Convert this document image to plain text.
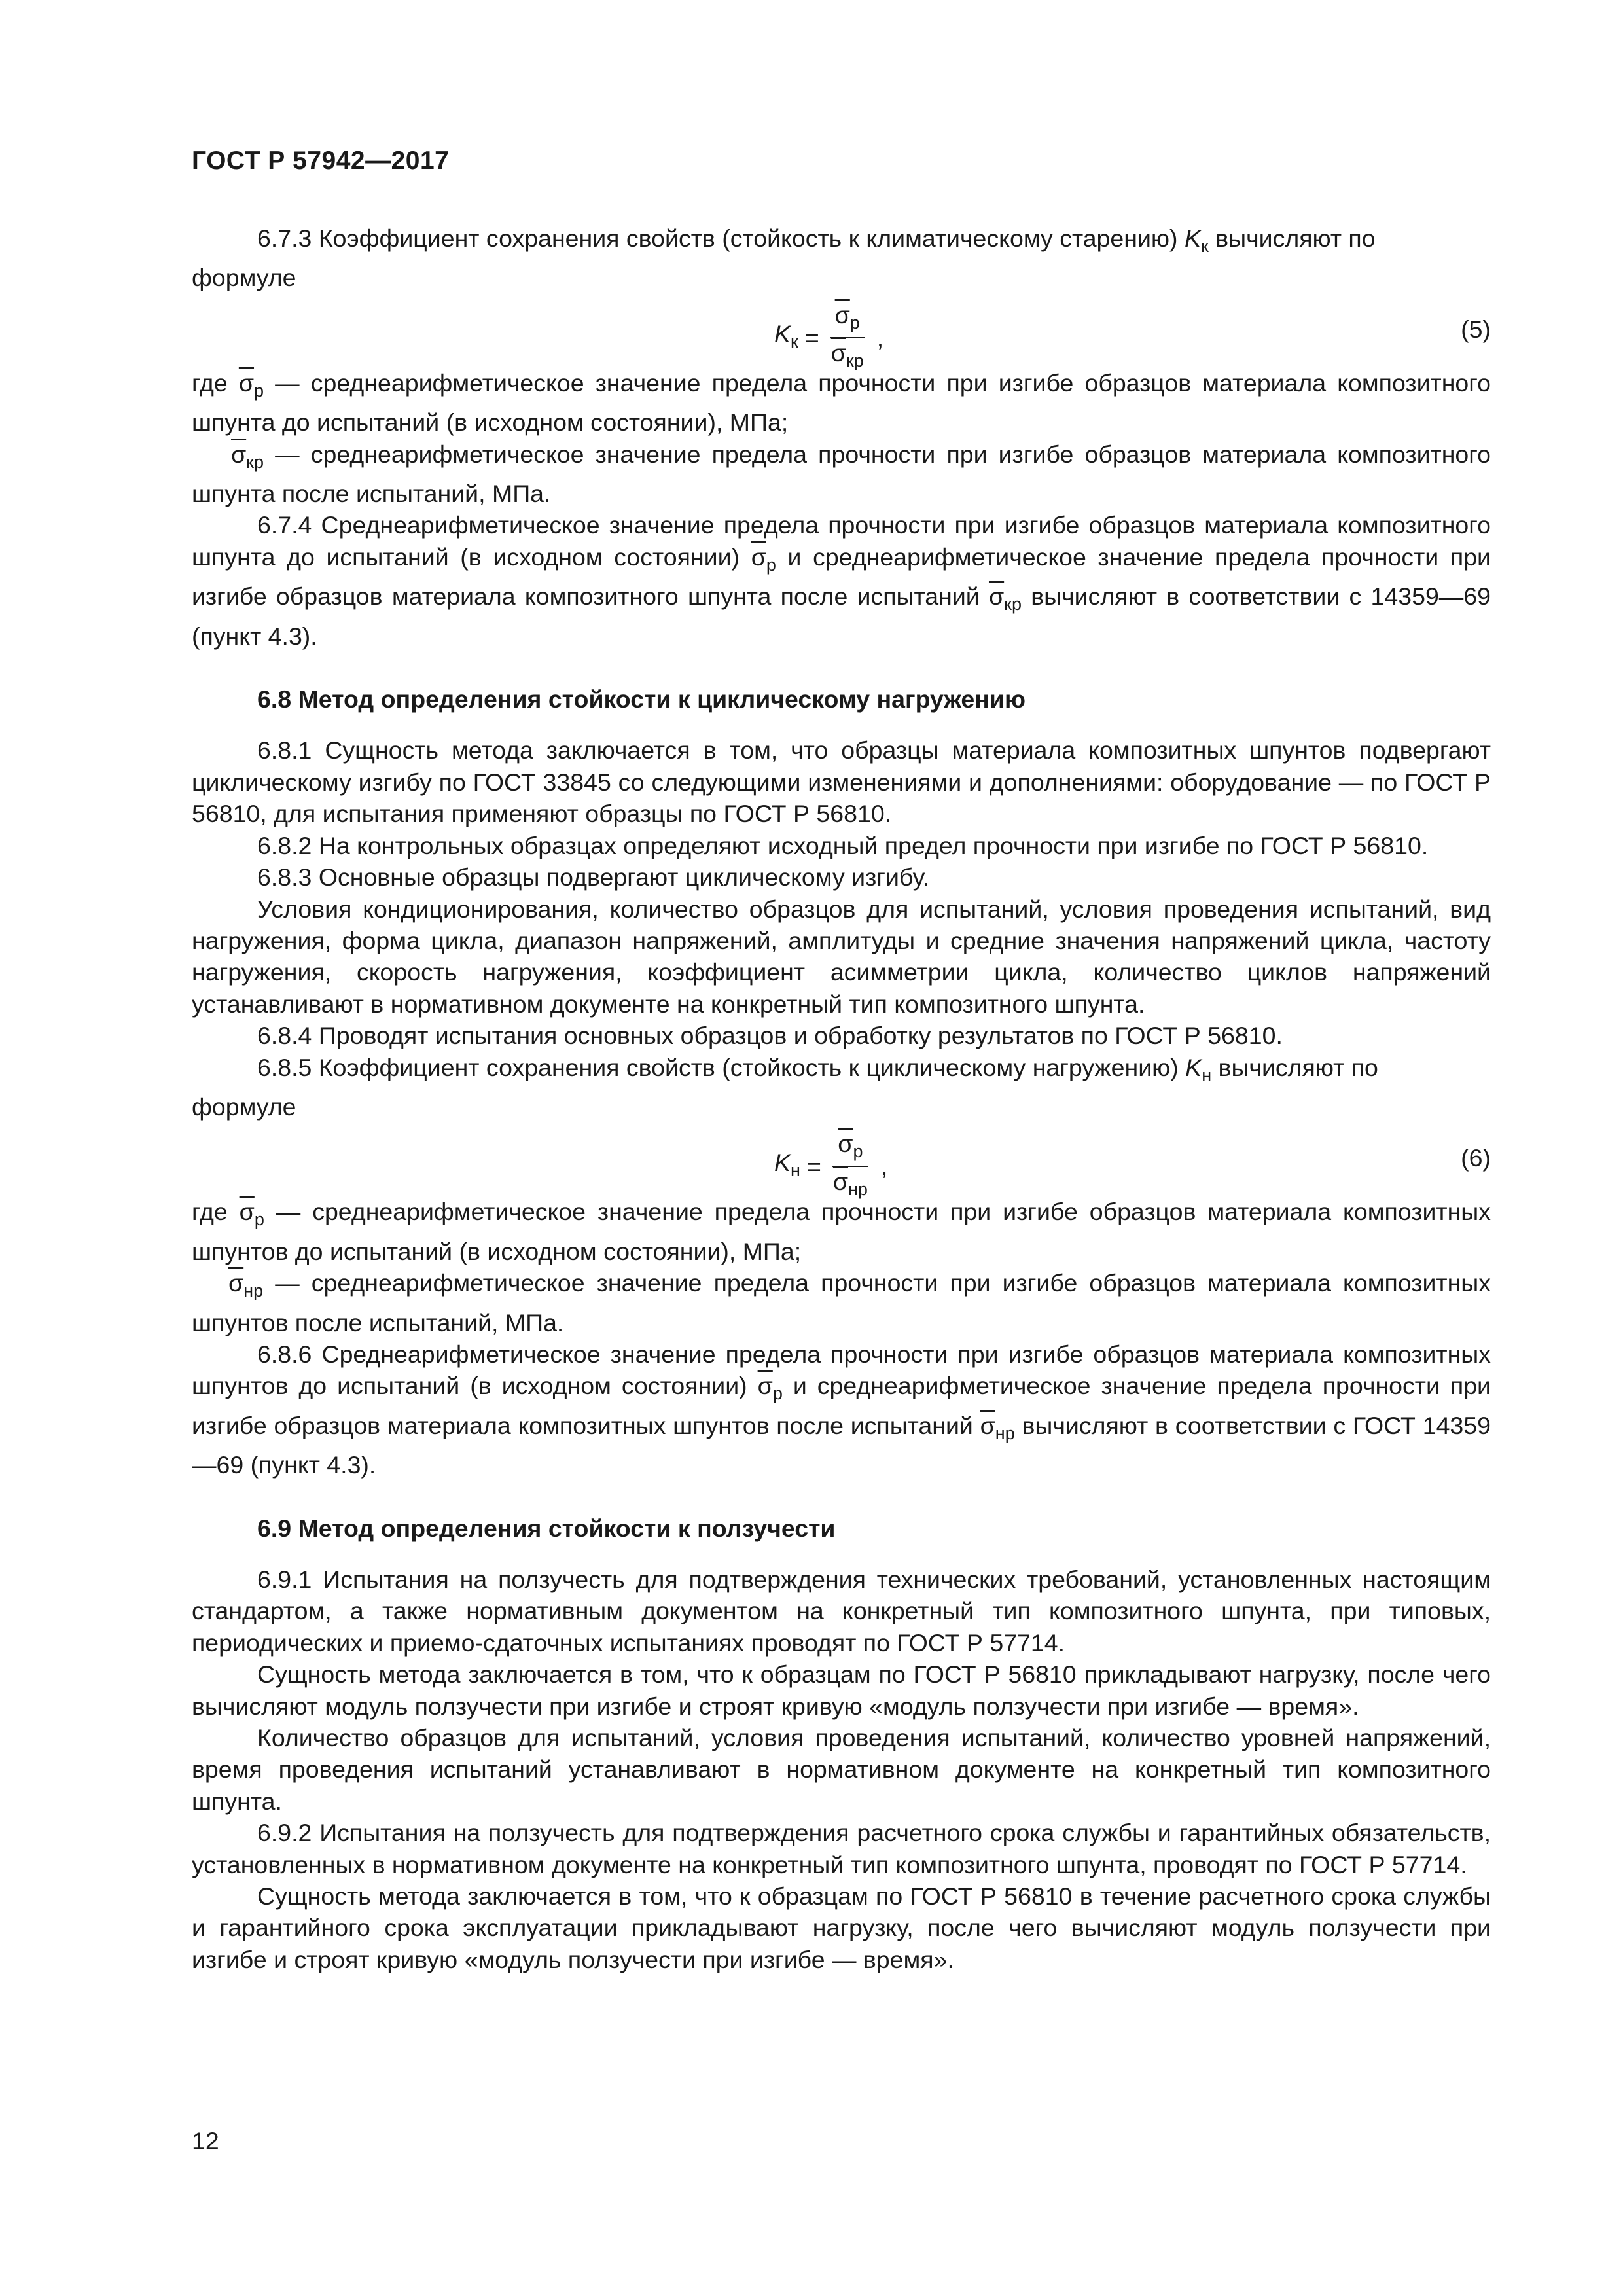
ГОСТ Р 57942—2017

6.7.3 Коэффициент сохранения свойств (стойкость к климатическому старению) $K_к$ вычисляют по

формуле

$K_к = \frac{\overline{\sigma}_р}{\overline{\sigma}_{кр}}$ ,	(5)

где $\overline{\sigma}_р$ — среднеарифметическое значение предела прочности при изгибе образцов материала композитного шпунта до испытаний (в исходном состоянии), МПа;

$\overline{\sigma}_{кр}$ — среднеарифметическое значение предела прочности при изгибе образцов материала композитного шпунта после испытаний, МПа.

6.7.4 Среднеарифметическое значение предела прочности при изгибе образцов материала композитного шпунта до испытаний (в исходном состоянии) $\overline{\sigma}_р$ и среднеарифметическое значение предела прочности при изгибе образцов материала композитного шпунта после испытаний $\overline{\sigma}_{кр}$ вычисляют в соответствии с 14359—69 (пункт 4.3).

6.8 Метод определения стойкости к циклическому нагружению

6.8.1 Сущность метода заключается в том, что образцы материала композитных шпунтов подвергают циклическому изгибу по ГОСТ 33845 со следующими изменениями и дополнениями: оборудование — по ГОСТ Р 56810, для испытания применяют образцы по ГОСТ Р 56810.

6.8.2 На контрольных образцах определяют исходный предел прочности при изгибе по ГОСТ Р 56810.

6.8.3 Основные образцы подвергают циклическому изгибу.

Условия кондиционирования, количество образцов для испытаний, условия проведения испытаний, вид нагружения, форма цикла, диапазон напряжений, амплитуды и средние значения напряжений цикла, частоту нагружения, скорость нагружения, коэффициент асимметрии цикла, количество циклов напряжений устанавливают в нормативном документе на конкретный тип композитного шпунта.

6.8.4 Проводят испытания основных образцов и обработку результатов по ГОСТ Р 56810.

6.8.5 Коэффициент сохранения свойств (стойкость к циклическому нагружению) $K_н$ вычисляют по

формуле

$K_н = \frac{\overline{\sigma}_р}{\overline{\sigma}_{нр}}$ ,	(6)

где $\overline{\sigma}_р$ — среднеарифметическое значение предела прочности при изгибе образцов материала композитных шпунтов до испытаний (в исходном состоянии), МПа;

$\overline{\sigma}_{нр}$ — среднеарифметическое значение предела прочности при изгибе образцов материала композитных шпунтов после испытаний, МПа.

6.8.6 Среднеарифметическое значение предела прочности при изгибе образцов материала композитных шпунтов до испытаний (в исходном состоянии) $\overline{\sigma}_р$ и среднеарифметическое значение предела прочности при изгибе образцов материала композитных шпунтов после испытаний $\overline{\sigma}_{нр}$ вычисляют в соответствии с ГОСТ 14359—69 (пункт 4.3).

6.9 Метод определения стойкости к ползучести

6.9.1 Испытания на ползучесть для подтверждения технических требований, установленных настоящим стандартом, а также нормативным документом на конкретный тип композитного шпунта, при типовых, периодических и приемо-сдаточных испытаниях проводят по ГОСТ Р 57714.

Сущность метода заключается в том, что к образцам по ГОСТ Р 56810 прикладывают нагрузку, после чего вычисляют модуль ползучести при изгибе и строят кривую «модуль ползучести при изгибе — время».

Количество образцов для испытаний, условия проведения испытаний, количество уровней напряжений, время проведения испытаний устанавливают в нормативном документе на конкретный тип композитного шпунта.

6.9.2 Испытания на ползучесть для подтверждения расчетного срока службы и гарантийных обязательств, установленных в нормативном документе на конкретный тип композитного шпунта, проводят по ГОСТ Р 57714.

Сущность метода заключается в том, что к образцам по ГОСТ Р 56810 в течение расчетного срока службы и гарантийного срока эксплуатации прикладывают нагрузку, после чего вычисляют модуль ползучести при изгибе и строят кривую «модуль ползучести при изгибе — время».

12
